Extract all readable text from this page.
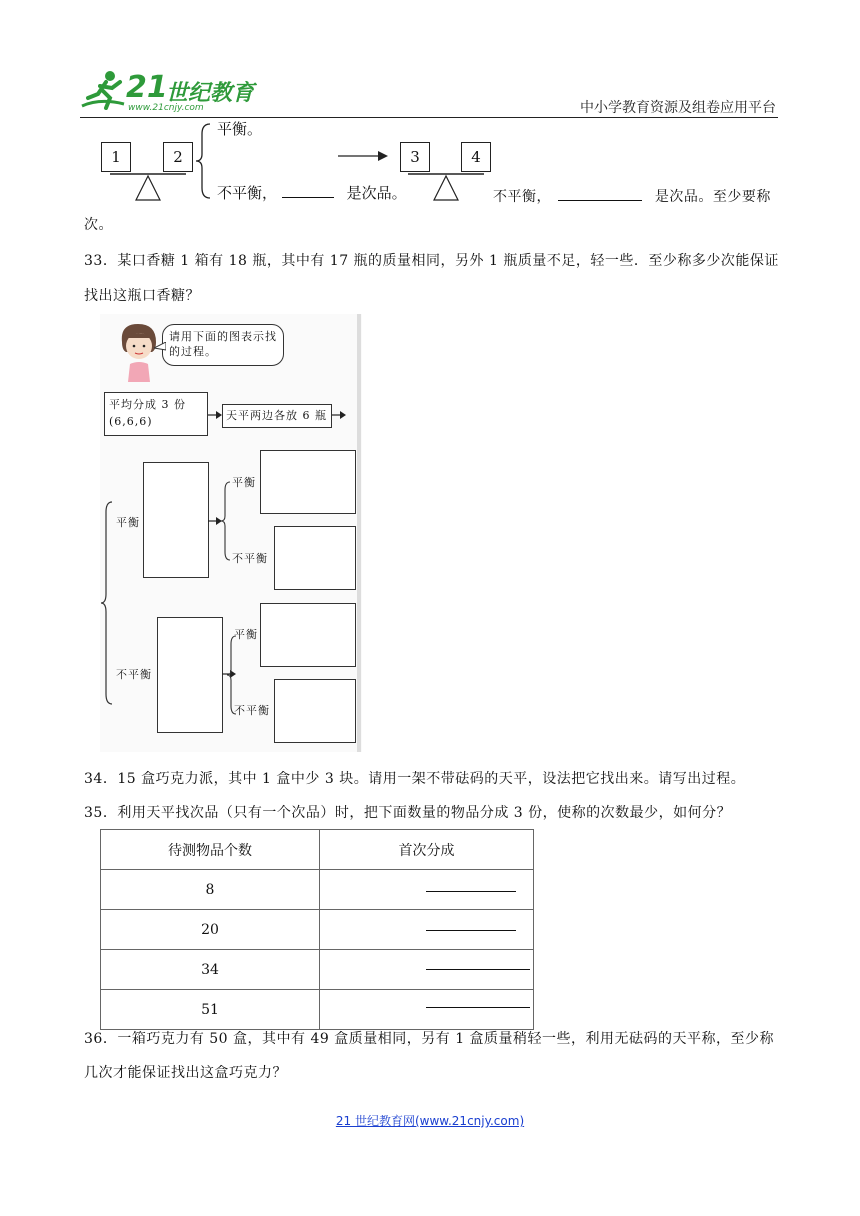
21
世纪教育
www.21cnjy.com	中小学教育资源及组卷应用平台
1	2
平衡。
不平衡，	是次品。
3	4
不平衡，	是次品。至少要称
次。
33．某口香糖 1 箱有 18 瓶，其中有 17 瓶的质量相同，另外 1 瓶质量不足，轻一些．至少称多少次能保证
找出这瓶口香糖？
请用下面的图表示找的过程。
平均分成 3 份
(6,6,6)	天平两边各放 6 瓶
平衡
不平衡
平衡
不平衡
平衡
不平衡
34．15 盒巧克力派，其中 1 盒中少 3 块。请用一架不带砝码的天平，设法把它找出来。请写出过程。
35．利用天平找次品（只有一个次品）时，把下面数量的物品分成 3 份，使称的次数最少，如何分？
待测物品个数	首次分成
8	
20	
34	
51	
36．一箱巧克力有 50 盒，其中有 49 盒质量相同，另有 1 盒质量稍轻一些，利用无砝码的天平称，至少称
几次才能保证找出这盒巧克力？
21 世纪教育网(www.21cnjy.com)
